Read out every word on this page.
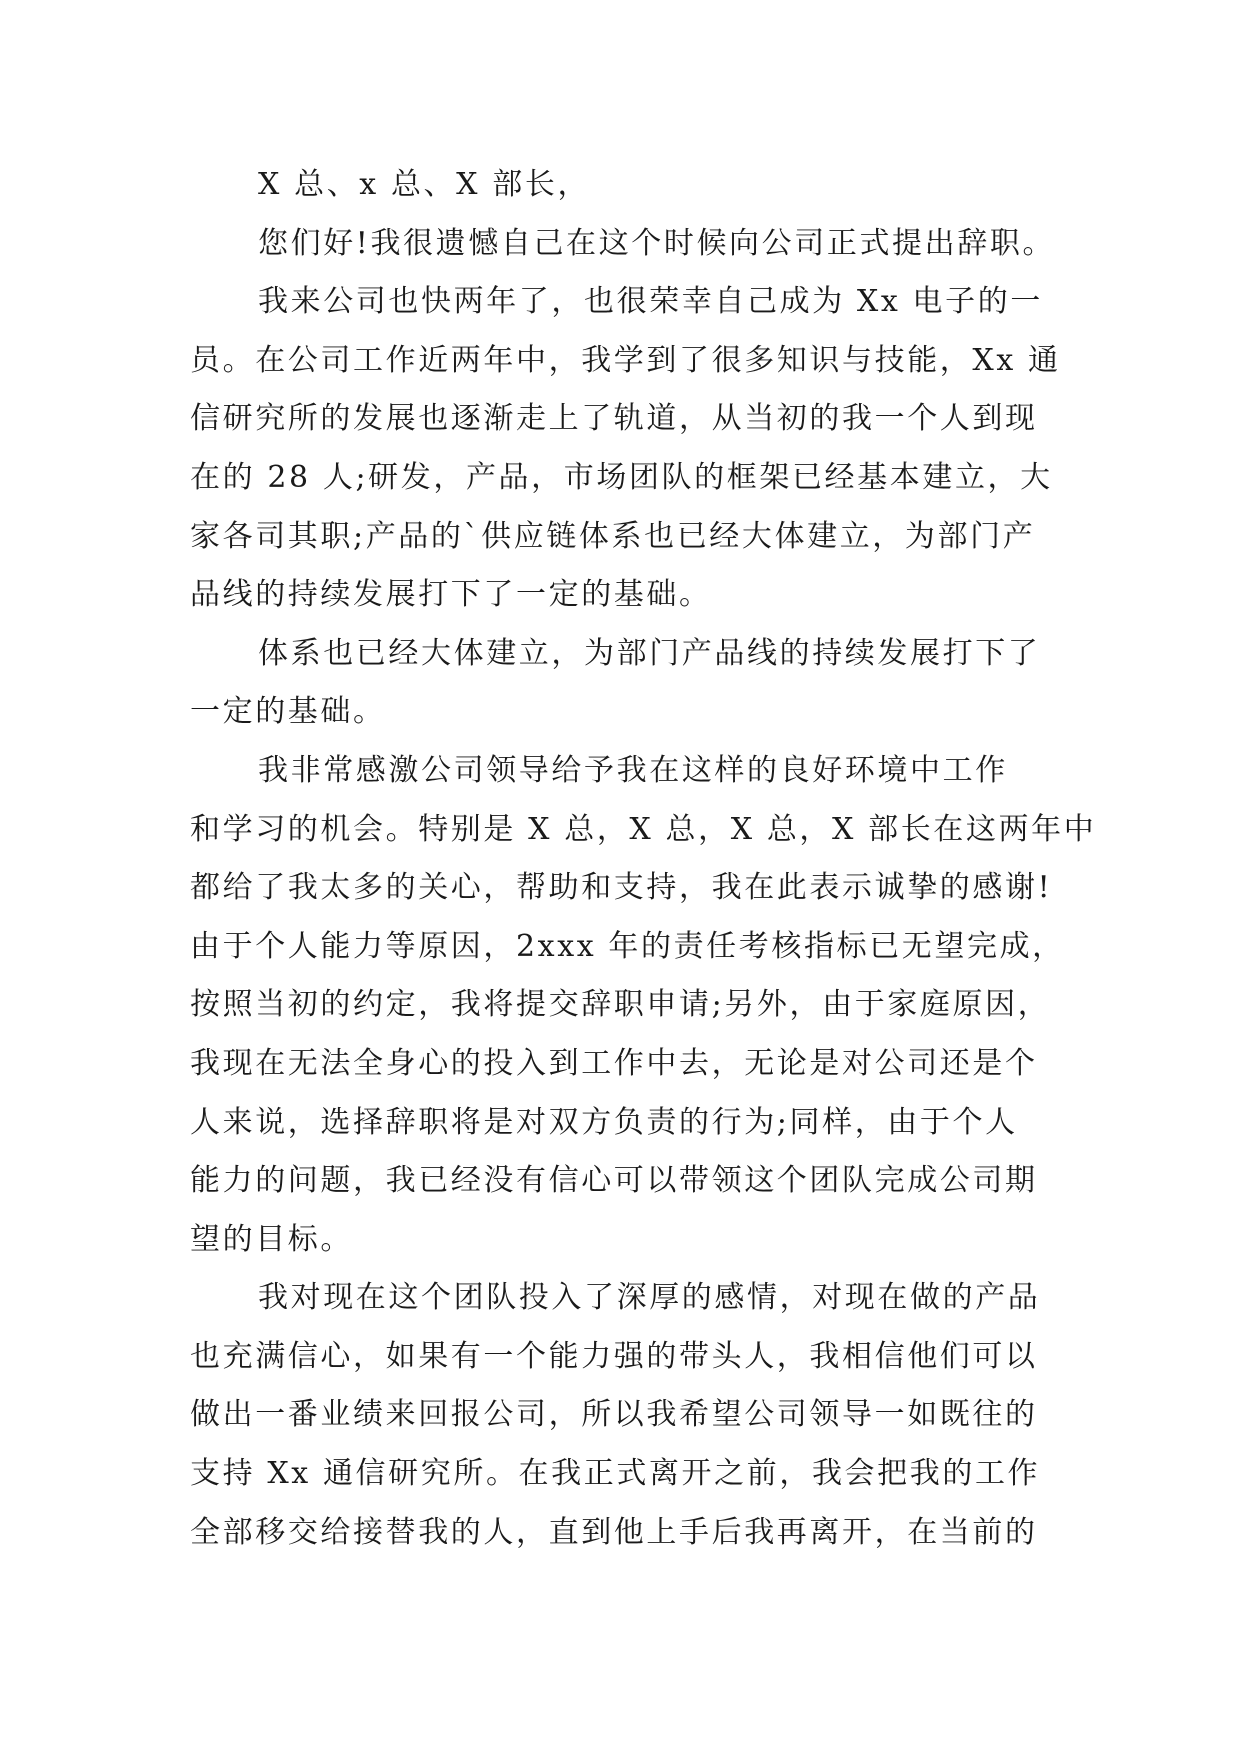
X 总、x 总、X 部长，

您们好!我很遗憾自己在这个时候向公司正式提出辞职。

我来公司也快两年了，也很荣幸自己成为 Xx 电子的一

员。在公司工作近两年中，我学到了很多知识与技能，Xx 通

信研究所的发展也逐渐走上了轨道，从当初的我一个人到现

在的 28 人;研发，产品，市场团队的框架已经基本建立，大

家各司其职;产品的`供应链体系也已经大体建立，为部门产

品线的持续发展打下了一定的基础。

体系也已经大体建立，为部门产品线的持续发展打下了

一定的基础。

我非常感激公司领导给予我在这样的良好环境中工作

和学习的机会。特别是 X 总，X 总，X 总，X 部长在这两年中

都给了我太多的关心，帮助和支持，我在此表示诚挚的感谢!

由于个人能力等原因，2xxx 年的责任考核指标已无望完成，

按照当初的约定，我将提交辞职申请;另外，由于家庭原因，

我现在无法全身心的投入到工作中去，无论是对公司还是个

人来说，选择辞职将是对双方负责的行为;同样，由于个人

能力的问题，我已经没有信心可以带领这个团队完成公司期

望的目标。

我对现在这个团队投入了深厚的感情，对现在做的产品

也充满信心，如果有一个能力强的带头人，我相信他们可以

做出一番业绩来回报公司，所以我希望公司领导一如既往的

支持 Xx 通信研究所。在我正式离开之前，我会把我的工作

全部移交给接替我的人，直到他上手后我再离开，在当前的
